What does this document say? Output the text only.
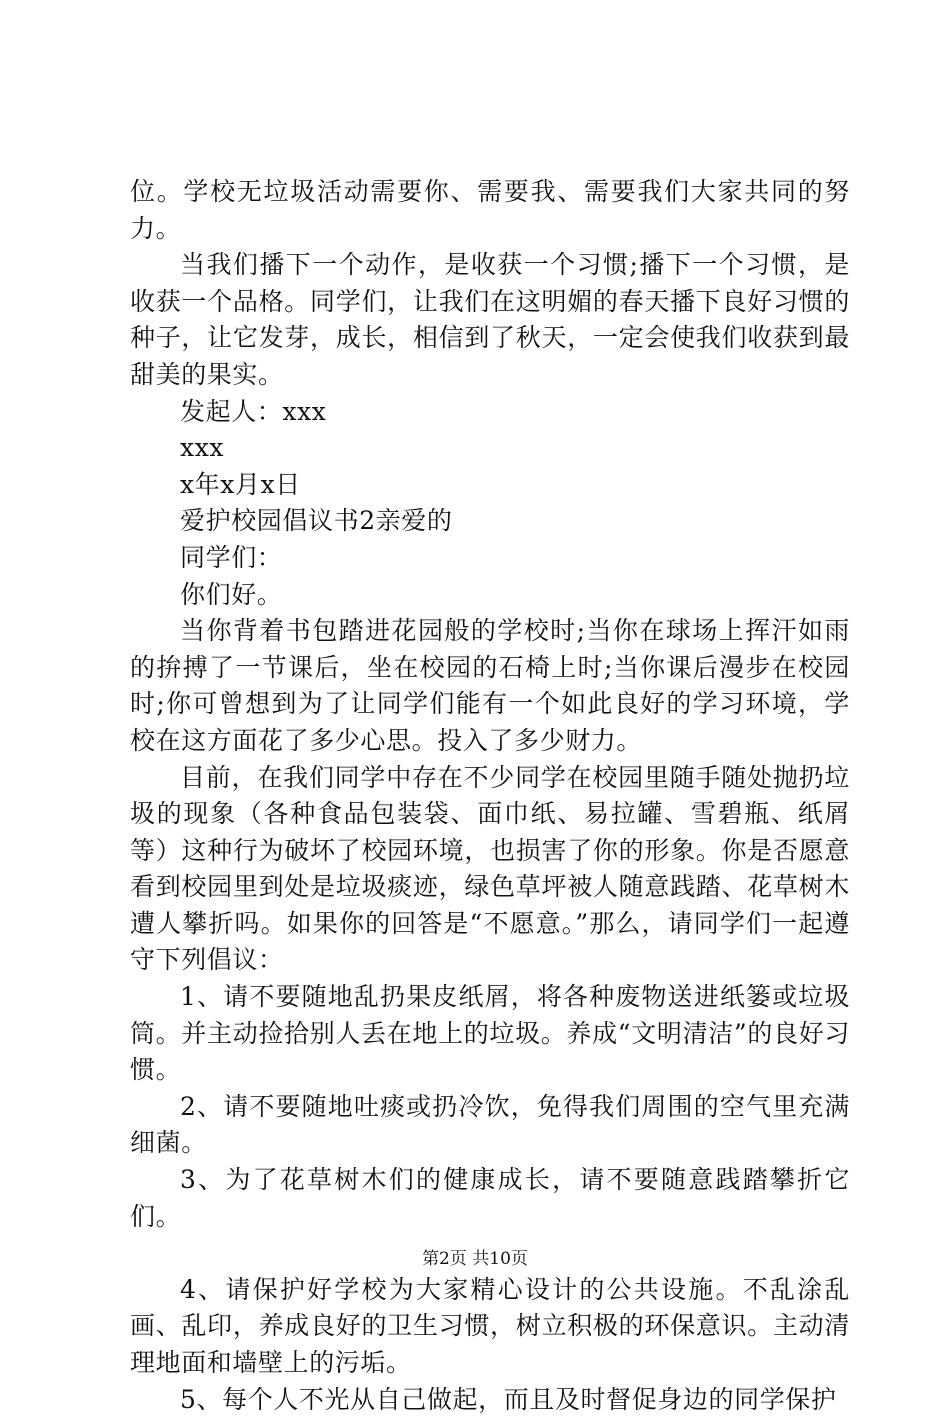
位。学校无垃圾活动需要你、需要我、需要我们大家共同的努力。

当我们播下一个动作，是收获一个习惯;播下一个习惯，是收获一个品格。同学们，让我们在这明媚的春天播下良好习惯的种子，让它发芽，成长，相信到了秋天，一定会使我们收获到最甜美的果实。

发起人：xxx

xxx

x年x月x日

爱护校园倡议书2亲爱的

同学们：

你们好。

当你背着书包踏进花园般的学校时;当你在球场上挥汗如雨的拚搏了一节课后，坐在校园的石椅上时;当你课后漫步在校园时;你可曾想到为了让同学们能有一个如此良好的学习环境，学校在这方面花了多少心思。投入了多少财力。

目前，在我们同学中存在不少同学在校园里随手随处抛扔垃圾的现象（各种食品包装袋、面巾纸、易拉罐、雪碧瓶、纸屑等）这种行为破坏了校园环境，也损害了你的形象。你是否愿意看到校园里到处是垃圾痰迹，绿色草坪被人随意践踏、花草树木遭人攀折吗。如果你的回答是“不愿意。”那么，请同学们一起遵守下列倡议：

1、请不要随地乱扔果皮纸屑，将各种废物送进纸篓或垃圾筒。并主动捡拾别人丢在地上的垃圾。养成“文明清洁”的良好习惯。

2、请不要随地吐痰或扔冷饮，免得我们周围的空气里充满细菌。

3、为了花草树木们的健康成长，请不要随意践踏攀折它们。

4、请保护好学校为大家精心设计的公共设施。不乱涂乱画、乱印，养成良好的卫生习惯，树立积极的环保意识。主动清理地面和墙壁上的污垢。

5、每个人不光从自己做起，而且及时督促身边的同学保护

第2页 共10页
